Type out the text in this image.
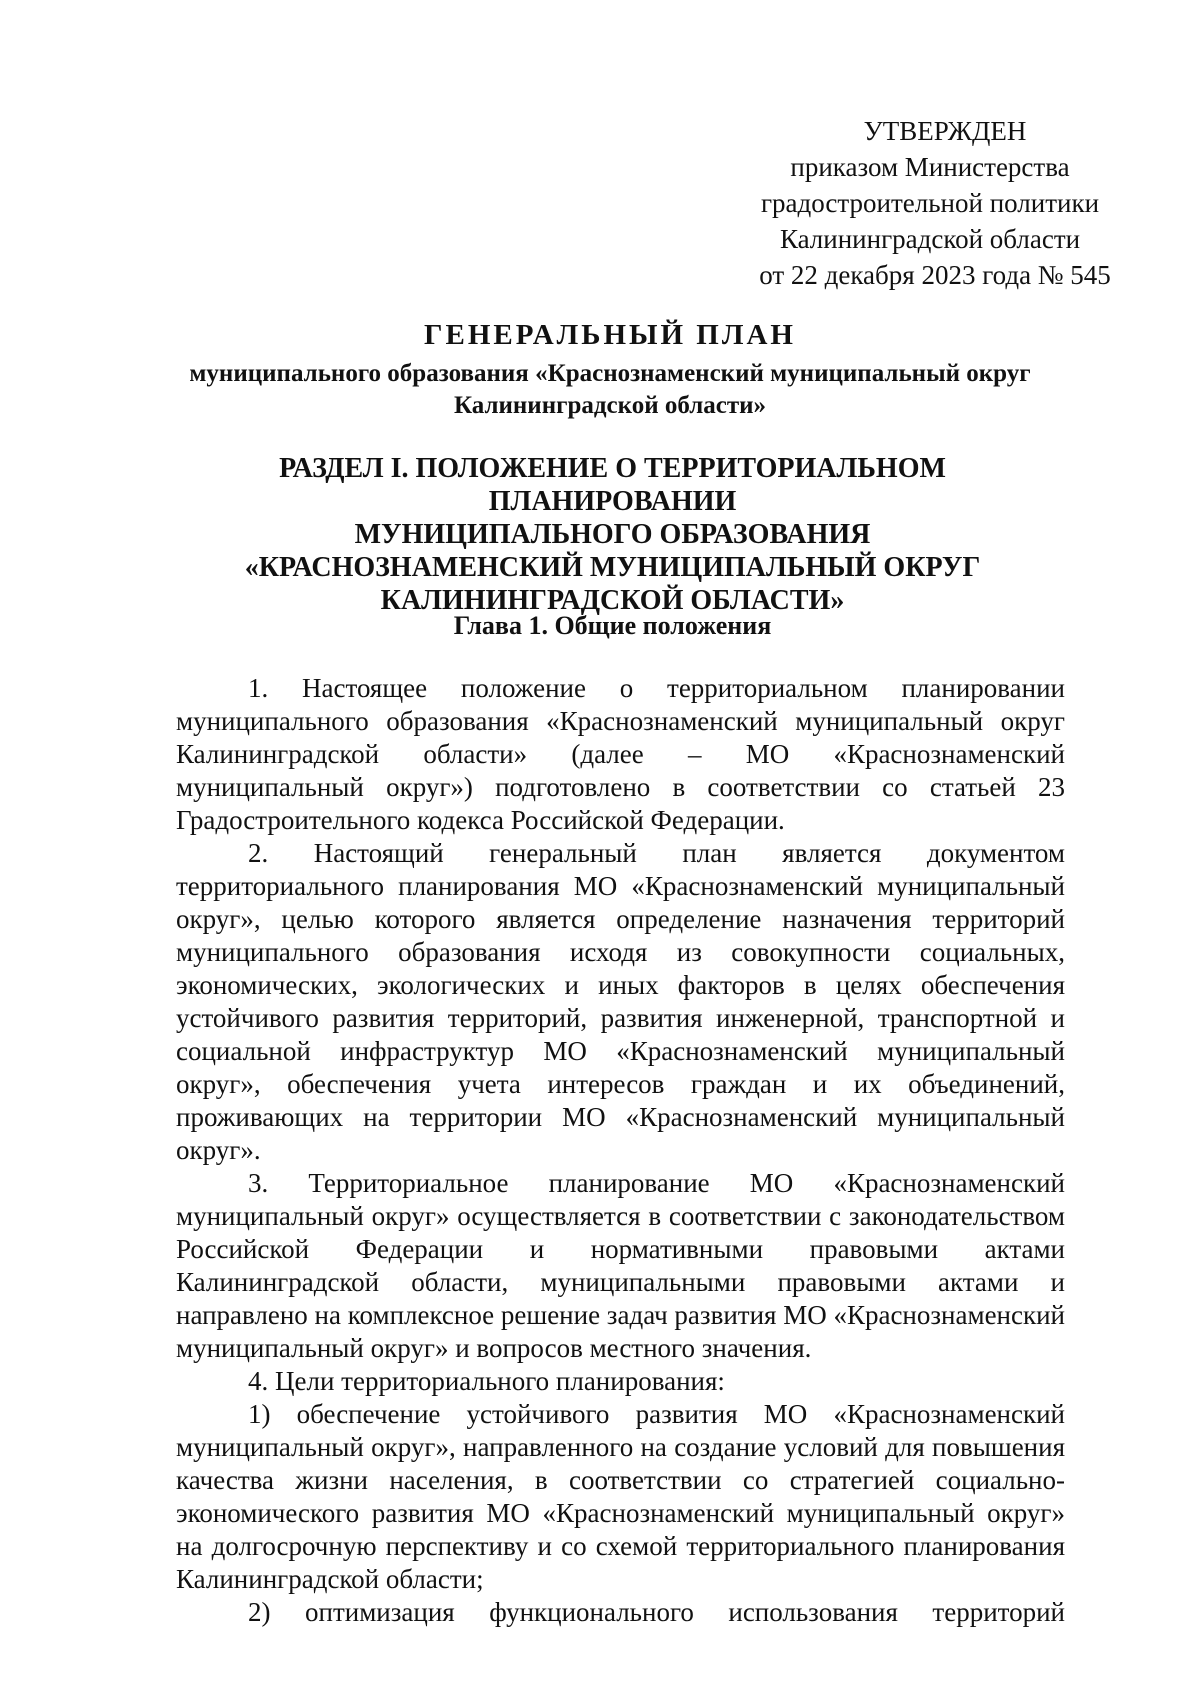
УТВЕРЖДЕН
приказом Министерства
градостроительной политики
Калининградской области
от 22 декабря 2023 года № 545
ГЕНЕРАЛЬНЫЙ ПЛАН

муниципального образования «Краснознаменский муниципальный округ Калининградской области»

РАЗДЕЛ I. ПОЛОЖЕНИЕ О ТЕРРИТОРИАЛЬНОМ ПЛАНИРОВАНИИ
МУНИЦИПАЛЬНОГО ОБРАЗОВАНИЯ
«КРАСНОЗНАМЕНСКИЙ МУНИЦИПАЛЬНЫЙ ОКРУГ
КАЛИНИНГРАДСКОЙ ОБЛАСТИ»
Глава 1. Общие положения

1. Настоящее положение о территориальном планировании муниципального образования «Краснознаменский муниципальный округ Калининградской области» (далее – МО «Краснознаменский муниципальный округ») подготовлено в соответствии со статьей 23 Градостроительного кодекса Российской Федерации.

2. Настоящий генеральный план является документом территориального планирования МО «Краснознаменский муниципальный округ», целью которого является определение назначения территорий муниципального образования исходя из совокупности социальных, экономических, экологических и иных факторов в целях обеспечения устойчивого развития территорий, развития инженерной, транспортной и социальной инфраструктур МО «Краснознаменский муниципальный округ», обеспечения учета интересов граждан и их объединений, проживающих на территории МО «Краснознаменский муниципальный округ».

3. Территориальное планирование МО «Краснознаменский муниципальный округ» осуществляется в соответствии с законодательством Российской Федерации и нормативными правовыми актами Калининградской области, муниципальными правовыми актами и направлено на комплексное решение задач развития МО «Краснознаменский муниципальный округ» и вопросов местного значения.

4. Цели территориального планирования:

1) обеспечение устойчивого развития МО «Краснознаменский муниципальный округ», направленного на создание условий для повышения качества жизни населения, в соответствии со стратегией социально-экономического развития МО «Краснознаменский муниципальный округ» на долгосрочную перспективу и со схемой территориального планирования Калининградской области;

2) оптимизация функционального использования территорий
